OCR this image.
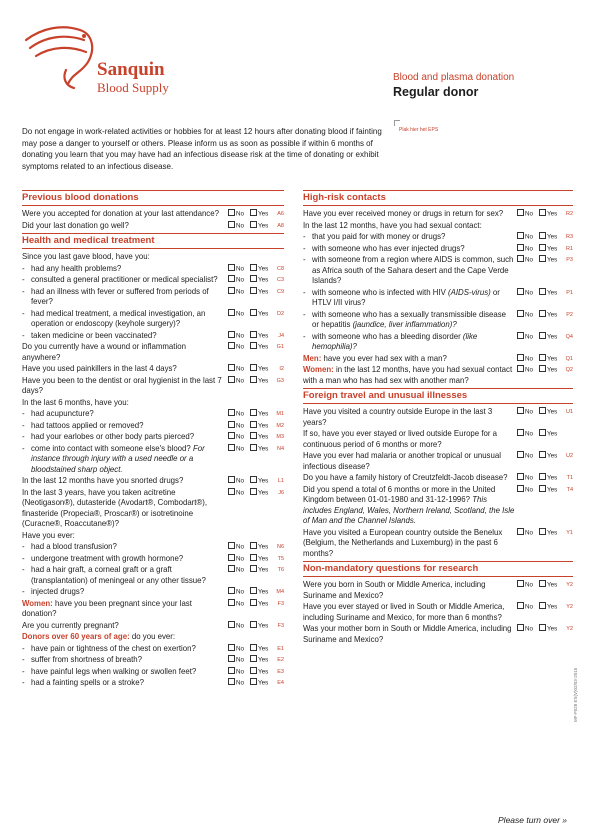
Sanquin
Blood Supply
Blood and plasma donation
Regular donor
Plak hier het EPS
Do not engage in work-related activities or hobbies for at least 12 hours after donating blood if fainting may pose a danger to yourself or others. Please inform us as soon as possible if within 6 months of donating you learn that you may have had an infectious disease risk at the time of donating or exhibit symptoms related to an infectious disease.
Previous blood donations
Were you accepted for donation at your last attendance?	No	Yes A6
Did your last donation go well?	No	Yes A8
Health and medical treatment
Since you last gave blood, have you:
- had any health problems?	No	Yes C8
- consulted a general practitioner or medical specialist?	No	Yes C3
- had an illness with fever or suffered from periods of fever?
No	Yes C9
- had medical treatment, a medical investigation, an operation or endoscopy (keyhole surgery)?
No	Yes D2
- taken medicine or been vaccinated?	No	Yes J4
Do you currently have a wound or inflammation anywhere?
No	Yes G1
Have you used painkillers in the last 4 days?	No	Yes I2
Have you been to the dentist or oral hygienist in the last 7 days?
No	Yes G3
In the last 6 months, have you:
- had acupuncture?	No	Yes M1
- had tattoos applied or removed?	No	Yes M2
- had your earlobes or other body parts pierced?	No	Yes M3
- come into contact with someone else's blood? For instance through injury with a used needle or a bloodstained sharp object.
No	Yes N4
In the last 12 months have you snorted drugs?	No	Yes L1
In the last 3 years, have you taken acitretine (Neotigason®), dutasteride (Avodart®, Combodart®), finasteride (Propecia®, Proscar®) or isotretinoine (Curacne®, Roaccutane®)?
No	Yes J6
Have you ever:
- had a blood transfusion?	No	Yes N6
- undergone treatment with growth hormone?	No	Yes T5
- had a hair graft, a corneal graft or a graft (transplantation) of meningeal or any other tissue?
No	Yes T6
- injected drugs?	No	Yes M4
Women: have you been pregnant since your last donation?
No	Yes F3
Are you currently pregnant?	No	Yes F3
Donors over 60 years of age: do you ever:
- have pain or tightness of the chest on exertion?	No	Yes E1
- suffer from shortness of breath?	No	Yes E2
- have painful legs when walking or swollen feet?	No	Yes E3
- had a fainting spells or a stroke?	No	Yes E4
High-risk contacts
Have you ever received money or drugs in return for sex?	No	Yes R2
In the last 12 months, have you had sexual contact:
- that you paid for with money or drugs?	No	Yes R3
- with someone who has ever injected drugs?	No	Yes R1
- with someone from a region where AIDS is common, such as Africa south of the Sahara desert and the Cape Verde Islands?
No	Yes P3
- with someone who is infected with HIV (AIDS-virus) or HTLV I/II virus?
No	Yes P1
- with someone who has a sexually transmissible disease or hepatitis (jaundice, liver inflammation)?
No	Yes P2
- with someone who has a bleeding disorder (like hemophilia)?
No	Yes Q4
Men: have you ever had sex with a man?	No	Yes Q1
Women: in the last 12 months, have you had sexual contact with a man who has had sex with another man?
No	Yes Q2
Foreign travel and unusual illnesses
Have you visited a country outside Europe in the last 3 years?
No	Yes U1
If so, have you ever stayed or lived outside Europe for a continuous period of 6 months or more?
No	Yes
Have you ever had malaria or another tropical or unusual infectious disease?
No	Yes U2
Do you have a family history of Creutzfeldt-Jacob disease?	No	Yes T1
Did you spend a total of 6 months or more in the United Kingdom between 01-01-1980 and 31-12-1996? This includes England, Wales, Northern Ireland, Scotland, the Isle of Man and the Channel Islands.
No	Yes T4
Have you visited a European country outside the Benelux (Belgium, the Netherlands and Luxemburg) in the past 6 months?
No	Yes Y1
Non-mandatory questions for research
Were you born in South or Middle America, including Suriname and Mexico?
No	Yes Y2
Have you ever stayed or lived in South or Middle America, including Suriname and Mexico, for more than 6 months?
No	Yes Y2
Was your mother born in South or Middle America, including Suriname and Mexico?
No	Yes Y2
MF-F028 ES(V)02/03-2015
Please turn over »
